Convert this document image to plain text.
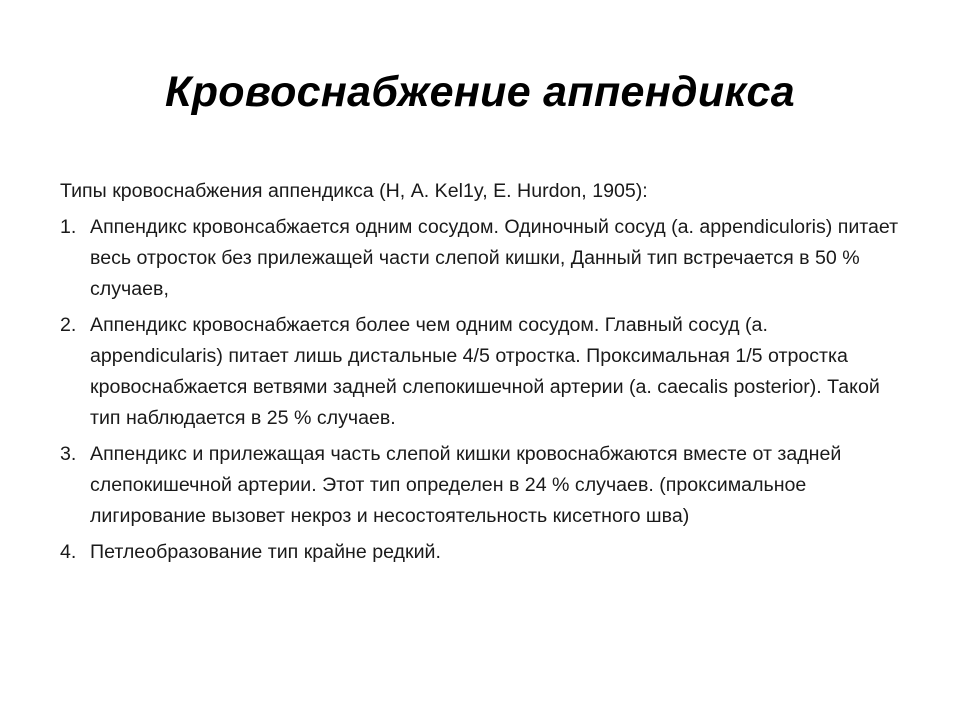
Кровоснабжение аппендикса

Типы кровоснабжения аппендикса (Н, A. Kel1y, E. Hurdon, 1905):

1. Аппендикс кровонсабжается одним сосудом. Одиночный сосуд (а. appendiculoris) питает весь отросток без прилежащей части слепой кишки, Данный тип встречается в 50 % случаев,
2. Аппендикс кровоснабжается более чем одним сосудом. Главный сосуд (а. appendicularis) питает лишь дистальные 4/5 отростка. Проксимальная 1/5 отростка кровоснабжается ветвями задней слепокишечной артерии (a. caecalis posterior). Такой тип наблюдается в 25 % случаев.
3. Аппендикс и прилежащая часть слепой кишки кровоснабжаются вместе от задней слепокишечной артерии. Этот тип определен в 24 % случаев. (проксимальное лигирование вызовет некроз и несостоятельность кисетного шва)
4. Петлеобразование тип крайне редкий.
